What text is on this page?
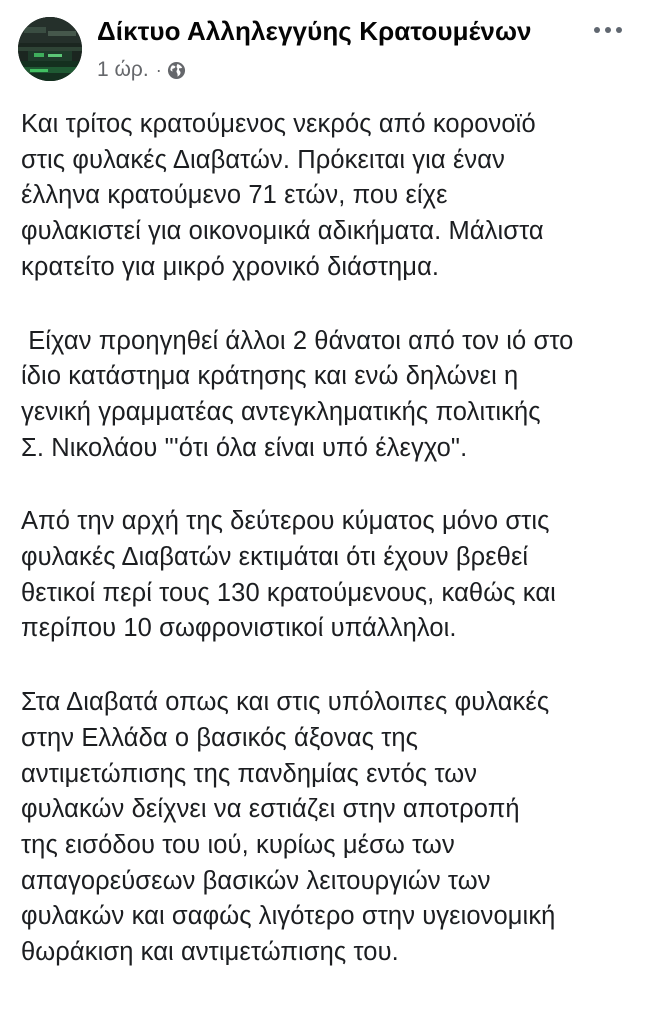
Δίκτυο Αλληλεγγύης Κρατουμένων
1 ώρ. ·

Και τρίτος κρατούμενος νεκρός από κορονοϊό
στις φυλακές Διαβατών. Πρόκειται για έναν
έλληνα κρατούμενο 71 ετών, που είχε
φυλακιστεί για οικονομικά αδικήματα. Μάλιστα
κρατείτο για μικρό χρονικό διάστημα.

Είχαν προηγηθεί άλλοι 2 θάνατοι από τον ιό στο
ίδιο κατάστημα κράτησης και ενώ δηλώνει η
γενική γραμματέας αντεγκληματικής πολιτικής
Σ. Νικολάου "'ότι όλα είναι υπό έλεγχο".

Από την αρχή της δεύτερου κύματος μόνο στις
φυλακές Διαβατών εκτιμάται ότι έχουν βρεθεί
θετικοί περί τους 130 κρατούμενους, καθώς και
περίπου 10 σωφρονιστικοί υπάλληλοι.

Στα Διαβατά οπως και στις υπόλοιπες φυλακές
στην Ελλάδα ο βασικός άξονας της
αντιμετώπισης της πανδημίας εντός των
φυλακών δείχνει να εστιάζει στην αποτροπή
της εισόδου του ιού, κυρίως μέσω των
απαγορεύσεων βασικών λειτουργιών των
φυλακών και σαφώς λιγότερο στην υγειονομική
θωράκιση και αντιμετώπισης του.
